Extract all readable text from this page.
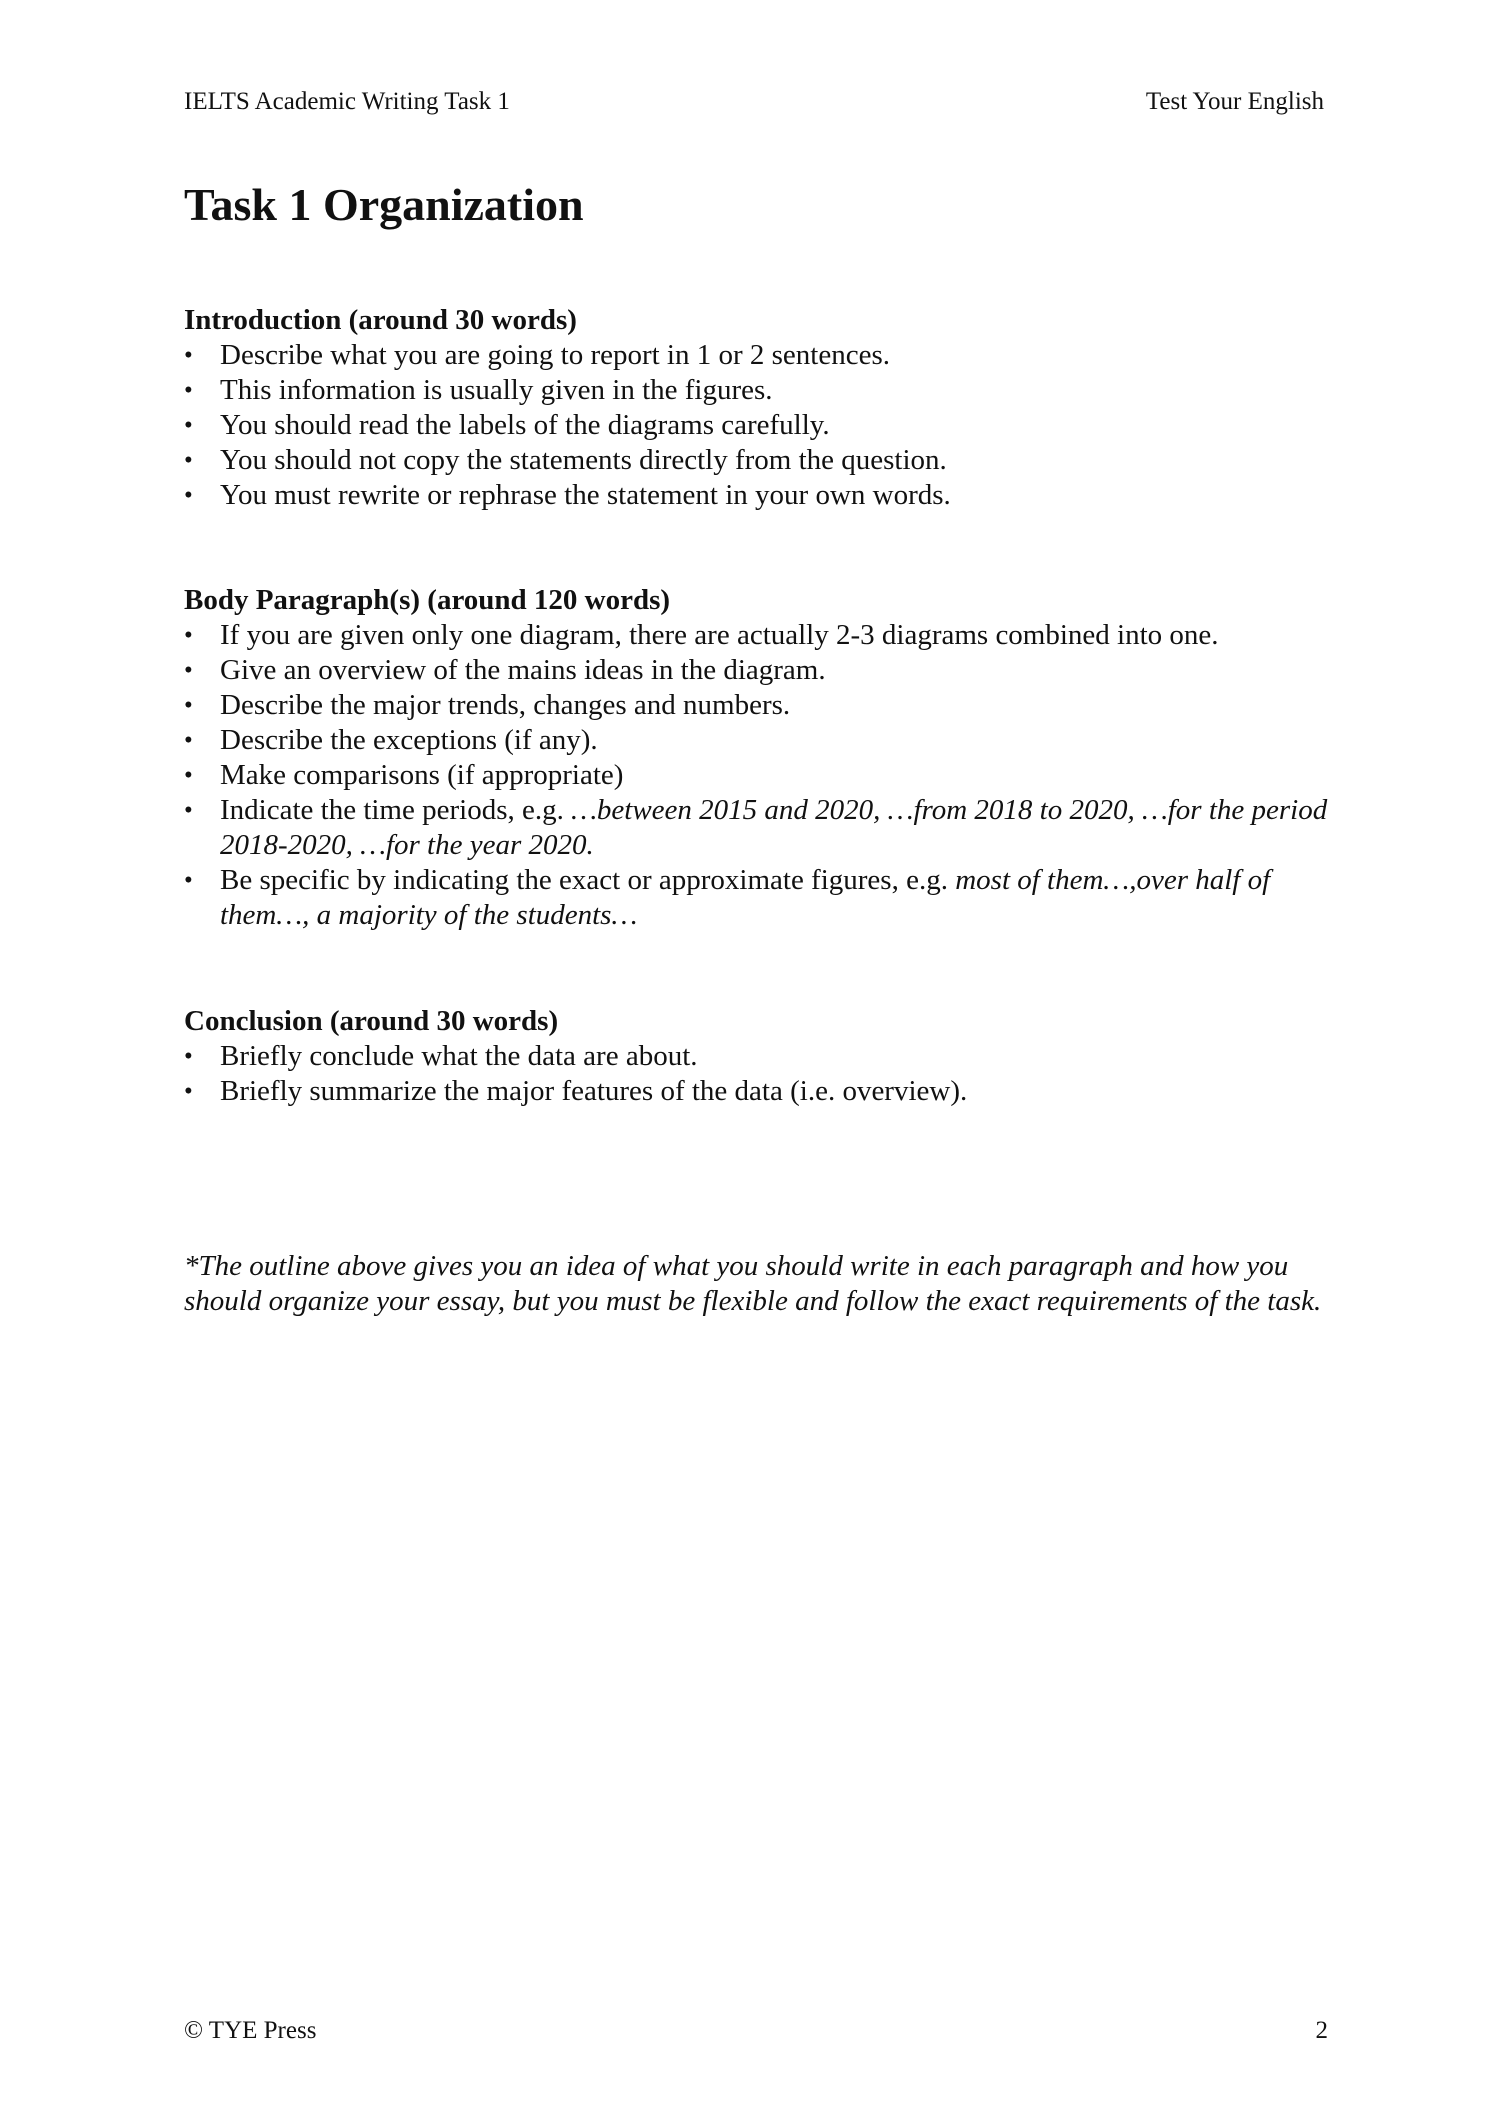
IELTS Academic Writing Task 1	Test Your English
Task 1 Organization

Introduction (around 30 words)

• Describe what you are going to report in 1 or 2 sentences.
• This information is usually given in the figures.
• You should read the labels of the diagrams carefully.
• You should not copy the statements directly from the question.
• You must rewrite or rephrase the statement in your own words.

Body Paragraph(s) (around 120 words)

• If you are given only one diagram, there are actually 2-3 diagrams combined into one.
• Give an overview of the mains ideas in the diagram.
• Describe the major trends, changes and numbers.
• Describe the exceptions (if any).
• Make comparisons (if appropriate)
• Indicate the time periods, e.g. …between 2015 and 2020, …from 2018 to 2020, …for the period 2018-2020, …for the year 2020.
• Be specific by indicating the exact or approximate figures, e.g. most of them…,over half of them…, a majority of the students…

Conclusion (around 30 words)

• Briefly conclude what the data are about.
• Briefly summarize the major features of the data (i.e. overview).

*The outline above gives you an idea of what you should write in each paragraph and how you should organize your essay, but you must be flexible and follow the exact requirements of the task.

© TYE Press	2
